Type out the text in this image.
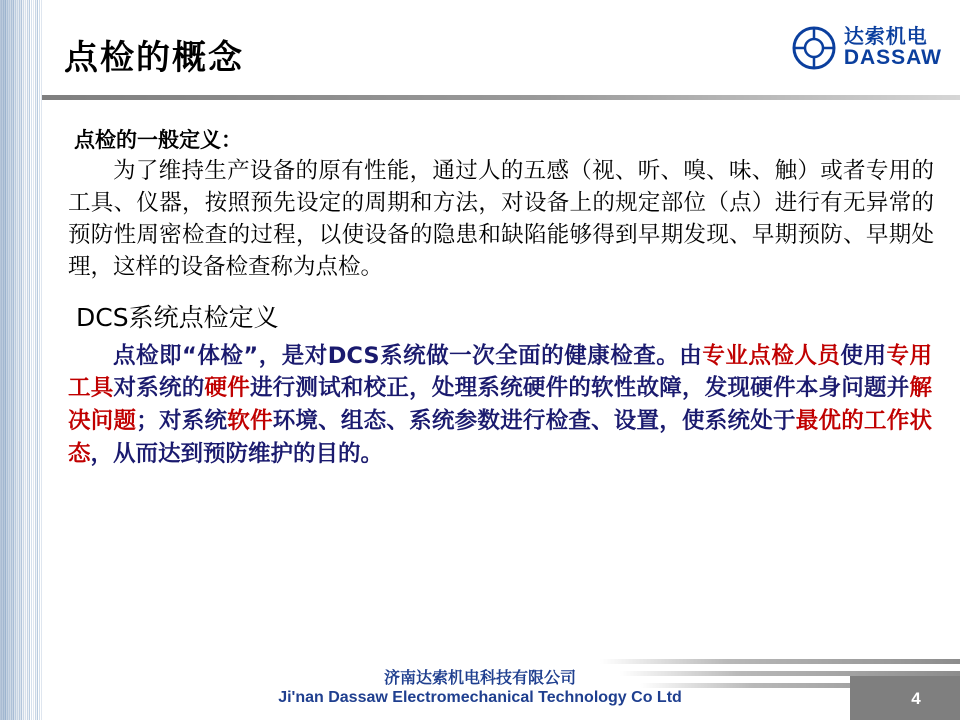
点检的概念
达索机电
DASSAW
点检的一般定义：
为了维持生产设备的原有性能，通过人的五感（视、听、嗅、味、触）或者专用的工具、仪器，按照预先设定的周期和方法，对设备上的规定部位（点）进行有无异常的预防性周密检查的过程，以使设备的隐患和缺陷能够得到早期发现、早期预防、早期处理，这样的设备检查称为点检。
DCS系统点检定义
点检即“体检”，是对DCS系统做一次全面的健康检查。由专业点检人员使用专用工具对系统的硬件进行测试和校正，处理系统硬件的软性故障，发现硬件本身问题并解决问题；对系统软件环境、组态、系统参数进行检查、设置，使系统处于最优的工作状态，从而达到预防维护的目的。
济南达索机电科技有限公司
Ji'nan Dassaw Electromechanical Technology Co Ltd	4
